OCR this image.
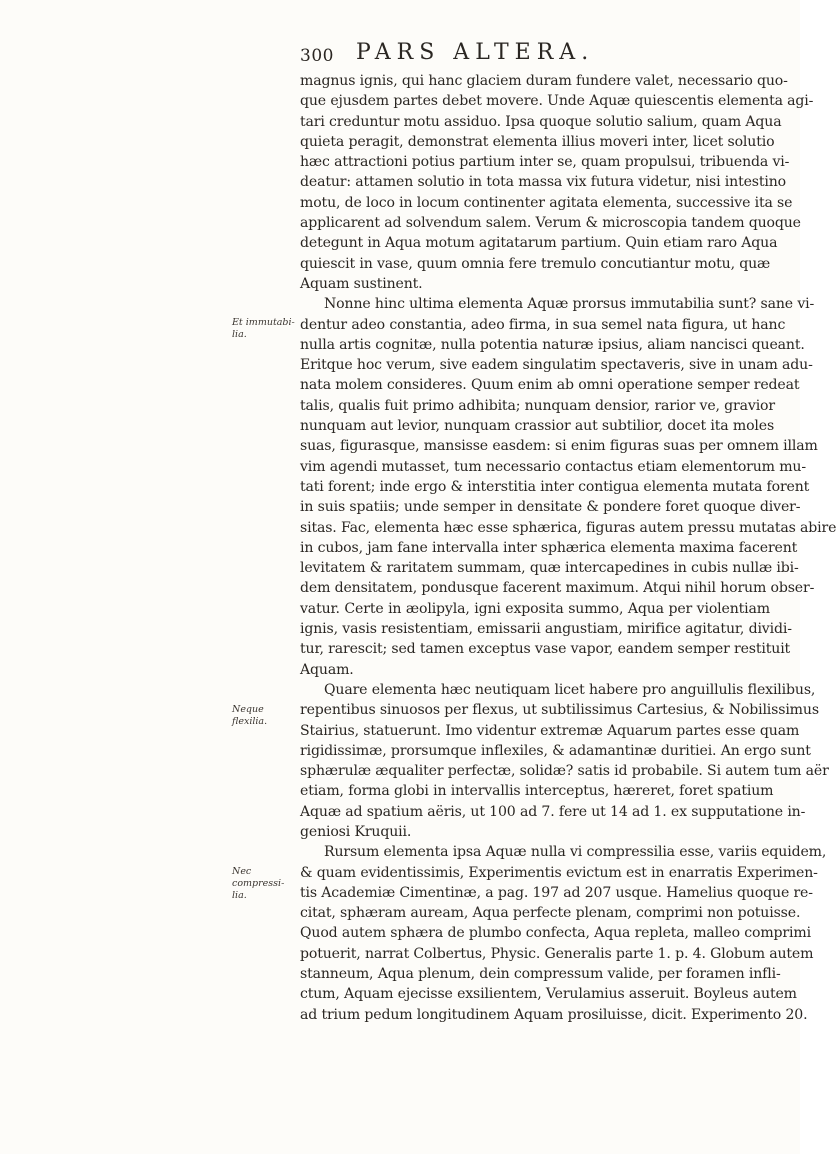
300 PARS ALTERA.
Et immutabi-
lia.
Neque flexilia.
Nec compressi-
lia.
magnus ignis, qui hanc glaciem duram fundere valet, necessario quo-
que ejusdem partes debet movere. Unde Aquæ quiescentis elementa agi-
tari creduntur motu assiduo. Ipsa quoque solutio salium, quam Aqua
quieta peragit, demonstrat elementa illius moveri inter, licet solutio
hæc attractioni potius partium inter se, quam propulsui, tribuenda vi-
deatur: attamen solutio in tota massa vix futura videtur, nisi intestino
motu, de loco in locum continenter agitata elementa, successive ita se
applicarent ad solvendum salem. Verum & microscopia tandem quoque
detegunt in Aqua motum agitatarum partium. Quin etiam raro Aqua
quiescit in vase, quum omnia fere tremulo concutiantur motu, quæ
Aquam sustinent.
Nonne hinc ultima elementa Aquæ prorsus immutabilia sunt? sane vi-
dentur adeo constantia, adeo firma, in sua semel nata figura, ut hanc
nulla artis cognitæ, nulla potentia naturæ ipsius, aliam nancisci queant.
Eritque hoc verum, sive eadem singulatim spectaveris, sive in unam adu-
nata molem consideres. Quum enim ab omni operatione semper redeat
talis, qualis fuit primo adhibita; nunquam densior, rarior ve, gravior
nunquam aut levior, nunquam crassior aut subtilior, docet ita moles
suas, figurasque, mansisse easdem: si enim figuras suas per omnem illam
vim agendi mutasset, tum necessario contactus etiam elementorum mu-
tati forent; inde ergo & interstitia inter contigua elementa mutata forent
in suis spatiis; unde semper in densitate & pondere foret quoque diver-
sitas. Fac, elementa hæc esse sphærica, figuras autem pressu mutatas abire
in cubos, jam fane intervalla inter sphærica elementa maxima facerent
levitatem & raritatem summam, quæ intercapedines in cubis nullæ ibi-
dem densitatem, pondusque facerent maximum. Atqui nihil horum obser-
vatur. Certe in æolipyla, igni exposita summo, Aqua per violentiam
ignis, vasis resistentiam, emissarii angustiam, mirifice agitatur, dividi-
tur, rarescit; sed tamen exceptus vase vapor, eandem semper restituit
Aquam.
Quare elementa hæc neutiquam licet habere pro anguillulis flexilibus,
repentibus sinuosos per flexus, ut subtilissimus Cartesius, & Nobilissimus
Stairius, statuerunt. Imo videntur extremæ Aquarum partes esse quam
rigidissimæ, prorsumque inflexiles, & adamantinæ duritiei. An ergo sunt
sphærulæ æqualiter perfectæ, solidæ? satis id probabile. Si autem tum aër
etiam, forma globi in intervallis interceptus, hæreret, foret spatium
Aquæ ad spatium aëris, ut 100 ad 7. fere ut 14 ad 1. ex supputatione in-
geniosi Kruquii.
Rursum elementa ipsa Aquæ nulla vi compressilia esse, variis equidem,
& quam evidentissimis, Experimentis evictum est in enarratis Experimen-
tis Academiæ Cimentinæ, a pag. 197 ad 207 usque. Hamelius quoque re-
citat, sphæram auream, Aqua perfecte plenam, comprimi non potuisse.
Quod autem sphæra de plumbo confecta, Aqua repleta, malleo comprimi
potuerit, narrat Colbertus, Physic. Generalis parte 1. p. 4. Globum autem
stanneum, Aqua plenum, dein compressum valide, per foramen infli-
ctum, Aquam ejecisse exsilientem, Verulamius asseruit. Boyleus autem
ad trium pedum longitudinem Aquam prosiluisse, dicit. Experimento 20.
